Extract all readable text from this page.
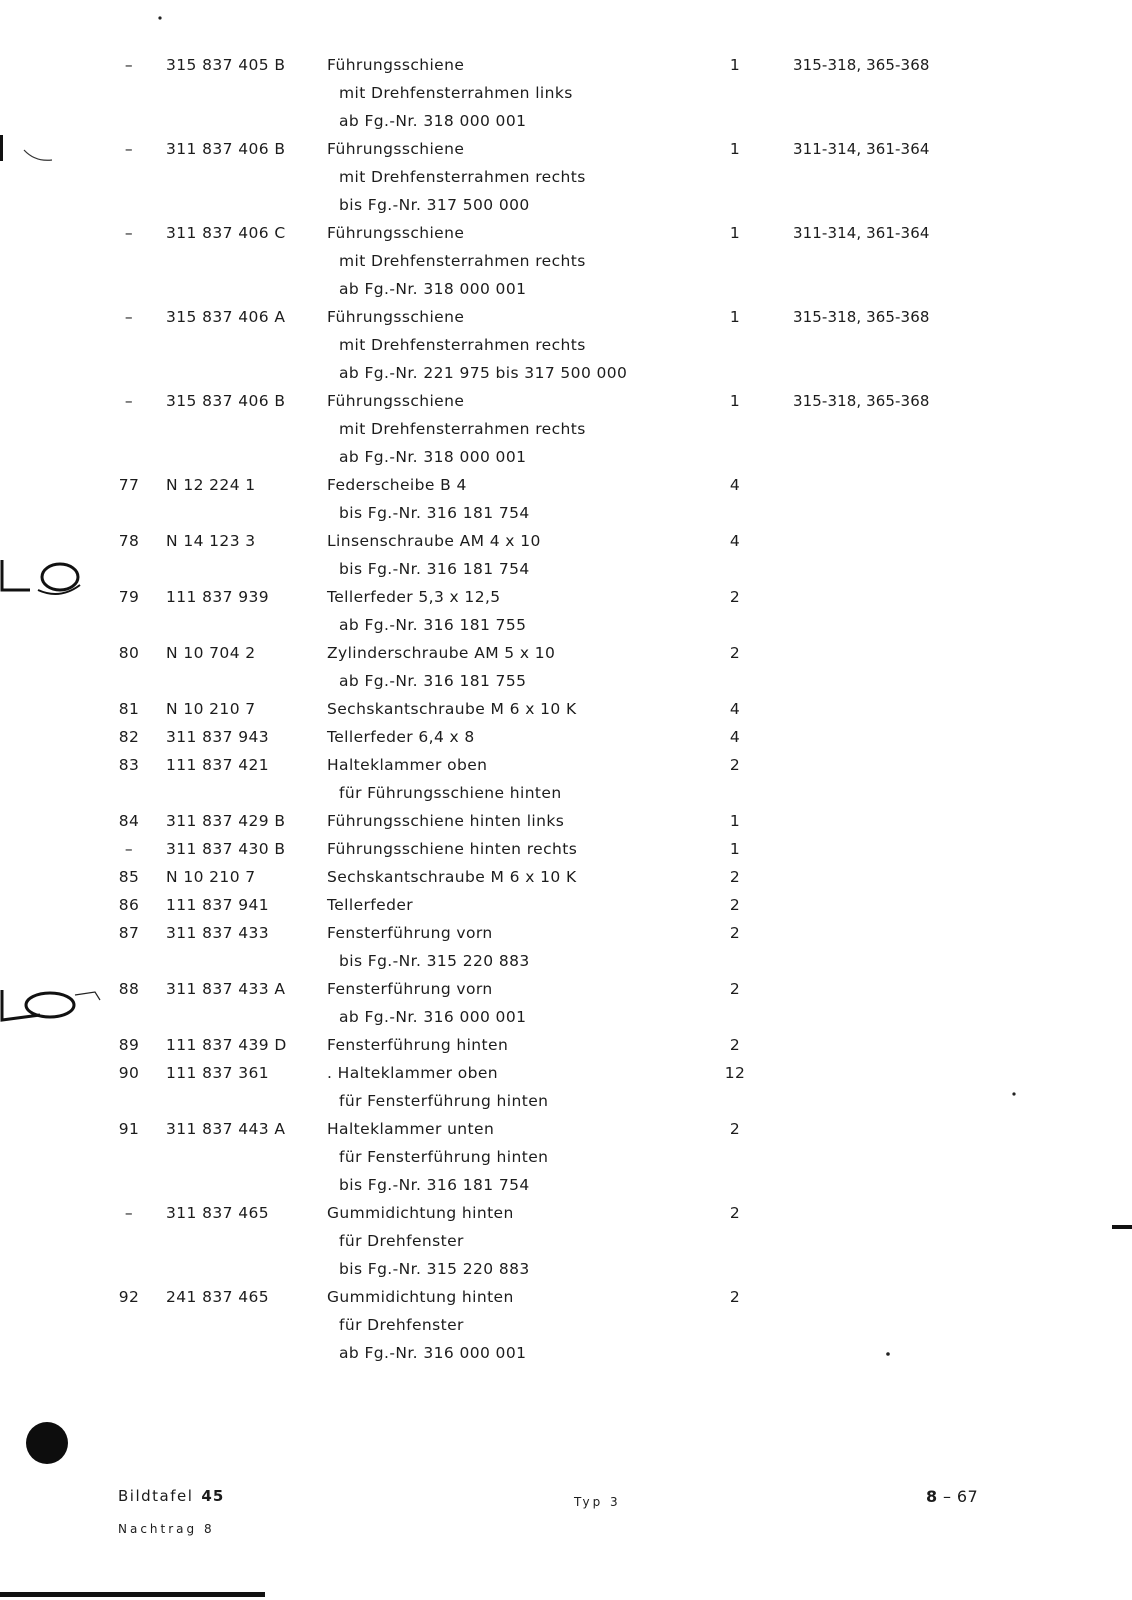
–	315 837 405 B	Führungsschiene	1	315-318, 365-368
mit Drehfensterrahmen links
ab Fg.-Nr. 318 000 001
–	311 837 406 B	Führungsschiene	1	311-314, 361-364
mit Drehfensterrahmen rechts
bis Fg.-Nr. 317 500 000
–	311 837 406 C	Führungsschiene	1	311-314, 361-364
mit Drehfensterrahmen rechts
ab Fg.-Nr. 318 000 001
–	315 837 406 A	Führungsschiene	1	315-318, 365-368
mit Drehfensterrahmen rechts
ab Fg.-Nr. 221 975 bis 317 500 000
–	315 837 406 B	Führungsschiene	1	315-318, 365-368
mit Drehfensterrahmen rechts
ab Fg.-Nr. 318 000 001
77	N 12 224 1	Federscheibe B 4	4
bis Fg.-Nr. 316 181 754
78	N 14 123 3	Linsenschraube AM 4 x 10	4
bis Fg.-Nr. 316 181 754
79	111 837 939	Tellerfeder 5,3 x 12,5	2
ab Fg.-Nr. 316 181 755
80	N 10 704 2	Zylinderschraube AM 5 x 10	2
ab Fg.-Nr. 316 181 755
81	N 10 210 7	Sechskantschraube M 6 x 10 K	4
82	311 837 943	Tellerfeder 6,4 x 8	4
83	111 837 421	Halteklammer oben	2
für Führungsschiene hinten
84	311 837 429 B	Führungsschiene hinten links	1
–	311 837 430 B	Führungsschiene hinten rechts	1
85	N 10 210 7	Sechskantschraube M 6 x 10 K	2
86	111 837 941	Tellerfeder	2
87	311 837 433	Fensterführung vorn	2
bis Fg.-Nr. 315 220 883
88	311 837 433 A	Fensterführung vorn	2
ab Fg.-Nr. 316 000 001
89	111 837 439 D	Fensterführung hinten	2
90	111 837 361	. Halteklammer oben	12
für Fensterführung hinten
91	311 837 443 A	Halteklammer unten	2
für Fensterführung hinten
bis Fg.-Nr. 316 181 754
–	311 837 465	Gummidichtung hinten	2
für Drehfenster
bis Fg.-Nr. 315 220 883
92	241 837 465	Gummidichtung hinten	2
für Drehfenster
ab Fg.-Nr. 316 000 001
Bildtafel 45
Nachtrag 8
Typ 3	8 – 67
